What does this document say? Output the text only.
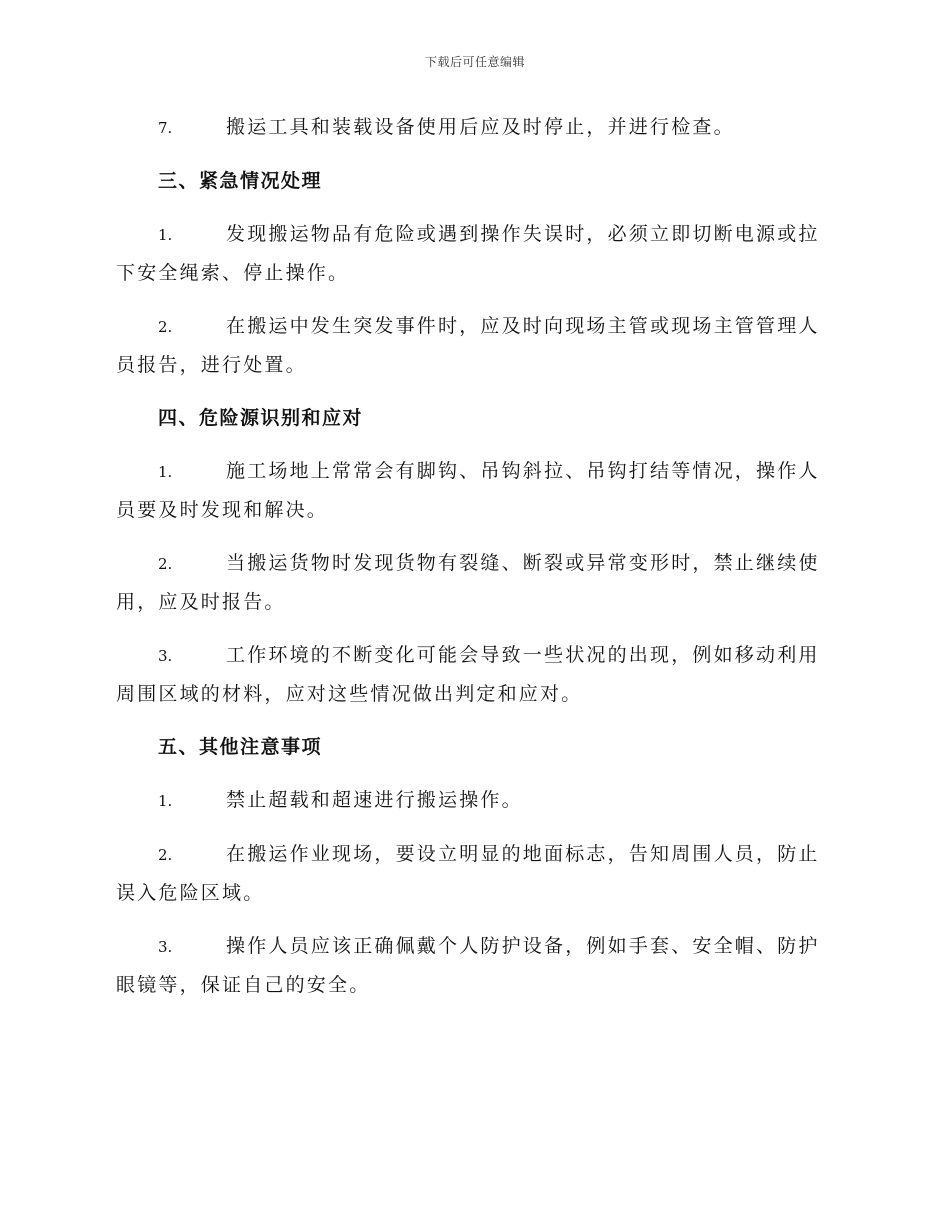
下载后可任意编辑

7.	搬运工具和装载设备使用后应及时停止，并进行检查。

三、紧急情况处理

1.	发现搬运物品有危险或遇到操作失误时，必须立即切断电源或拉下安全绳索、停止操作。

2.	在搬运中发生突发事件时，应及时向现场主管或现场主管管理人员报告，进行处置。

四、危险源识别和应对

1.	施工场地上常常会有脚钩、吊钩斜拉、吊钩打结等情况，操作人员要及时发现和解决。

2.	当搬运货物时发现货物有裂缝、断裂或异常变形时，禁止继续使用，应及时报告。

3.	工作环境的不断变化可能会导致一些状况的出现，例如移动利用周围区域的材料，应对这些情况做出判定和应对。

五、其他注意事项

1.	禁止超载和超速进行搬运操作。

2.	在搬运作业现场，要设立明显的地面标志，告知周围人员，防止误入危险区域。

3.	操作人员应该正确佩戴个人防护设备，例如手套、安全帽、防护眼镜等，保证自己的安全。
